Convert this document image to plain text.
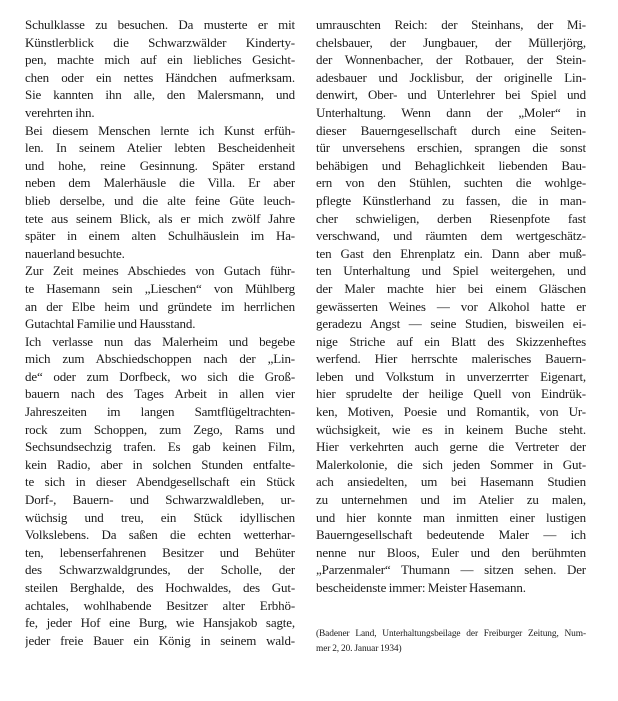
Schulklasse zu besuchen. Da musterte er mit
Künstlerblick die Schwarzwälder Kinderty-
pen, machte mich auf ein liebliches Gesicht-
chen oder ein nettes Händchen aufmerksam.
Sie kannten ihn alle, den Malersmann, und
verehrten ihn.
Bei diesem Menschen lernte ich Kunst erfüh-
len. In seinem Atelier lebten Bescheidenheit
und hohe, reine Gesinnung. Später erstand
neben dem Malerhäusle die Villa. Er aber
blieb derselbe, und die alte feine Güte leuch-
tete aus seinem Blick, als er mich zwölf Jahre
später in einem alten Schulhäuslein im Ha-
nauerland besuchte.
Zur Zeit meines Abschiedes von Gutach führ-
te Hasemann sein „Lieschen“ von Mühlberg
an der Elbe heim und gründete im herrlichen
Gutachtal Familie und Hausstand.
Ich verlasse nun das Malerheim und begebe
mich zum Abschiedschoppen nach der „Lin-
de“ oder zum Dorfbeck, wo sich die Groß-
bauern nach des Tages Arbeit in allen vier
Jahreszeiten im langen Samtflügeltrachten-
rock zum Schoppen, zum Zego, Rams und
Sechsundsechzig trafen. Es gab keinen Film,
kein Radio, aber in solchen Stunden entfalte-
te sich in dieser Abendgesellschaft ein Stück
Dorf-, Bauern- und Schwarzwaldleben, ur-
wüchsig und treu, ein Stück idyllischen
Volkslebens. Da saßen die echten wetterhar-
ten, lebenserfahrenen Besitzer und Behüter
des Schwarzwaldgrundes, der Scholle, der
steilen Berghalde, des Hochwaldes, des Gut-
achtales, wohlhabende Besitzer alter Erbhö-
fe, jeder Hof eine Burg, wie Hansjakob sagte,
jeder freie Bauer ein König in seinem wald-
umrauschten Reich: der Steinhans, der Mi-
chelsbauer, der Jungbauer, der Müllerjörg,
der Wonnenbacher, der Rotbauer, der Stein-
adesbauer und Jocklisbur, der originelle Lin-
denwirt, Ober- und Unterlehrer bei Spiel und
Unterhaltung. Wenn dann der „Moler“ in
dieser Bauerngesellschaft durch eine Seiten-
tür unversehens erschien, sprangen die sonst
behäbigen und Behaglichkeit liebenden Bau-
ern von den Stühlen, suchten die wohlge-
pflegte Künstlerhand zu fassen, die in man-
cher schwieligen, derben Riesenpfote fast
verschwand, und räumten dem wertgeschätz-
ten Gast den Ehrenplatz ein. Dann aber muß-
ten Unterhaltung und Spiel weitergehen, und
der Maler machte hier bei einem Gläschen
gewässerten Weines — vor Alkohol hatte er
geradezu Angst — seine Studien, bisweilen ei-
nige Striche auf ein Blatt des Skizzenheftes
werfend. Hier herrschte malerisches Bauern-
leben und Volkstum in unverzerrter Eigenart,
hier sprudelte der heilige Quell von Eindrük-
ken, Motiven, Poesie und Romantik, von Ur-
wüchsigkeit, wie es in keinem Buche steht.
Hier verkehrten auch gerne die Vertreter der
Malerkolonie, die sich jeden Sommer in Gut-
ach ansiedelten, um bei Hasemann Studien
zu unternehmen und im Atelier zu malen,
und hier konnte man inmitten einer lustigen
Bauerngesellschaft bedeutende Maler — ich
nenne nur Bloos, Euler und den berühmten
„Parzenmaler“ Thumann — sitzen sehen. Der
bescheidenste immer: Meister Hasemann.
(Badener Land, Unterhaltungsbeilage der Freiburger Zeitung, Num-
mer 2, 20. Januar 1934)
